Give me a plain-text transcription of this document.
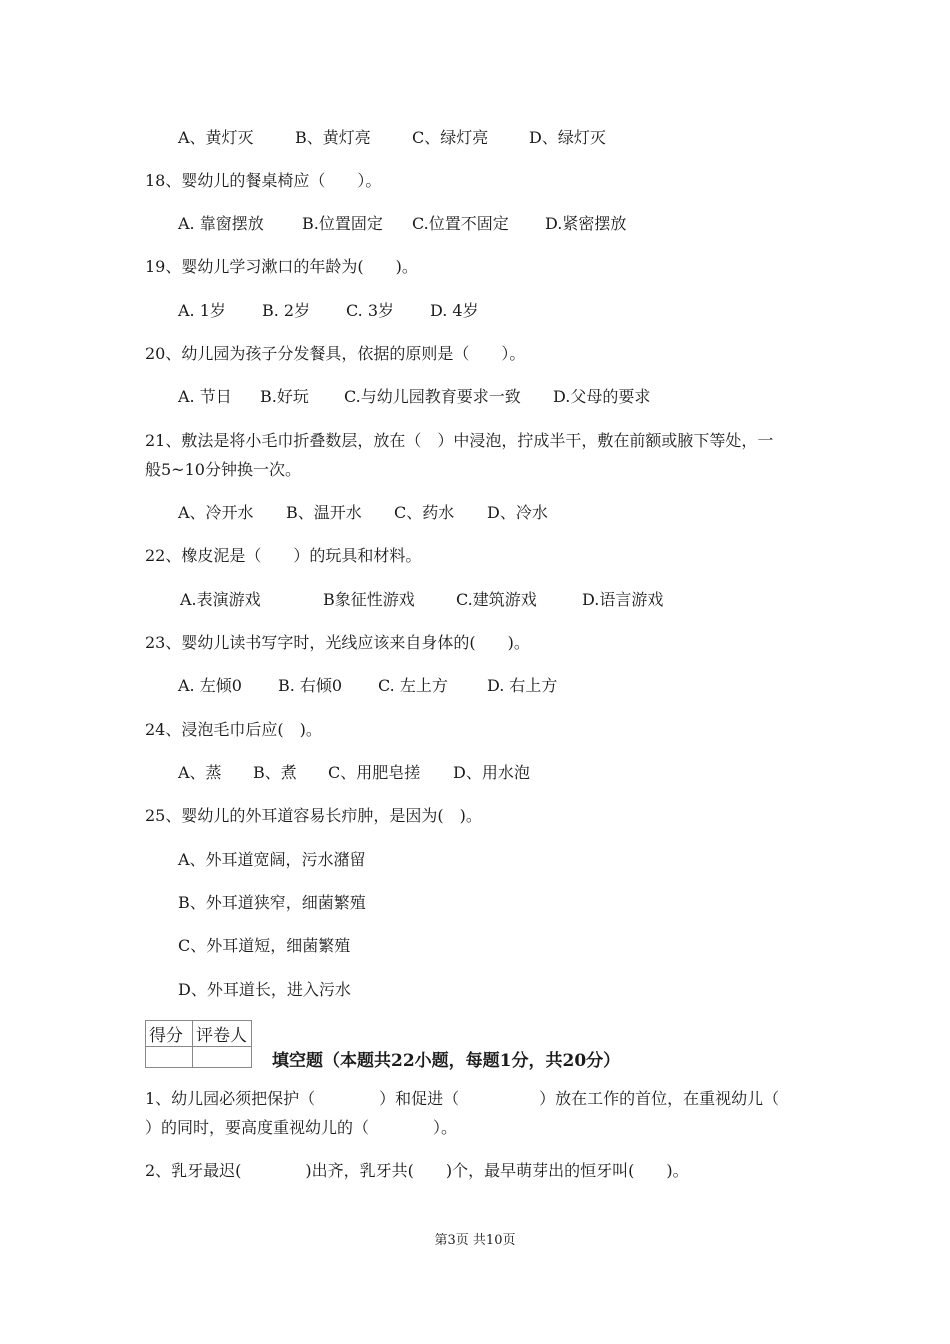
A、黄灯灭	B、黄灯亮	C、绿灯亮	D、绿灯灭
18、婴幼儿的餐桌椅应（　　）。
A. 靠窗摆放	B.位置固定	C.位置不固定	D.紧密摆放
19、婴幼儿学习漱口的年龄为(　　)。
A. 1岁	B. 2岁	C. 3岁	D. 4岁
20、幼儿园为孩子分发餐具，依据的原则是（　　）。
A. 节日	B.好玩	C.与幼儿园教育要求一致	D.父母的要求
21、敷法是将小毛巾折叠数层，放在（　）中浸泡，拧成半干，敷在前额或腋下等处，一
般5~10分钟换一次。
A、冷开水	B、温开水	C、药水	D、冷水
22、橡皮泥是（　　）的玩具和材料。
A.表演游戏	B象征性游戏	C.建筑游戏	D.语言游戏
23、婴幼儿读书写字时，光线应该来自身体的(　　)。
A. 左倾0	B. 右倾0	C. 左上方	D. 右上方
24、浸泡毛巾后应(　)。
A、蒸	B、煮	C、用肥皂搓	D、用水泡
25、婴幼儿的外耳道容易长疖肿，是因为(　)。
A、外耳道宽阔，污水潴留
B、外耳道狭窄，细菌繁殖
C、外耳道短，细菌繁殖
D、外耳道长，进入污水
得分	评卷人

填空题（本题共22小题，每题1分，共20分）
1、幼儿园必须把保护（　　　　）和促进（　　　　　）放在工作的首位，在重视幼儿（
）的同时，要高度重视幼儿的（　　　　）。
2、乳牙最迟(　　　　)出齐，乳牙共(　　)个，最早萌芽出的恒牙叫(　　)。
第3页 共10页
